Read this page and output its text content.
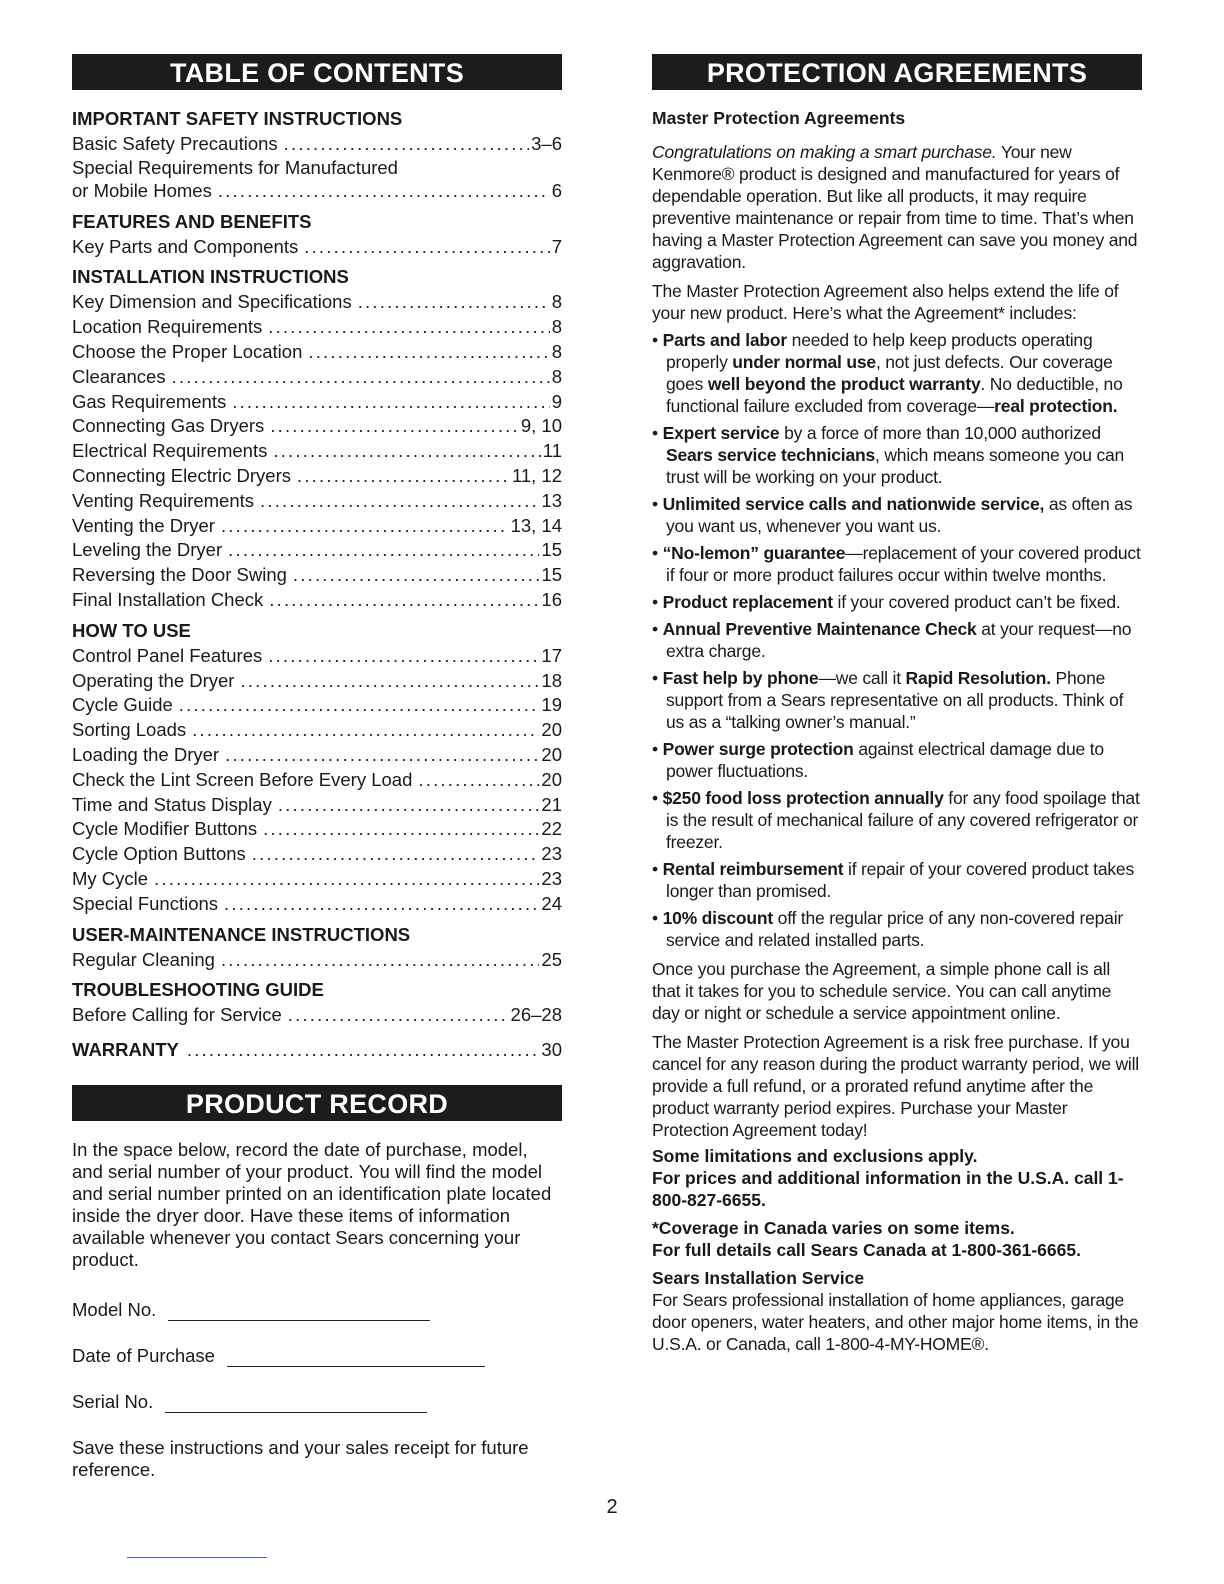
TABLE OF CONTENTS
IMPORTANT SAFETY INSTRUCTIONS
Basic Safety Precautions .....	3–6
Special Requirements for Manufactured
or Mobile Homes .....	6
FEATURES AND BENEFITS
Key Parts and Components .....	7
INSTALLATION INSTRUCTIONS
Key Dimension and Specifications .....	8
Location Requirements .....	8
Choose the Proper Location .....	8
Clearances .....	8
Gas Requirements .....	9
Connecting Gas Dryers .....	9, 10
Electrical Requirements .....	11
Connecting Electric Dryers .....	11, 12
Venting Requirements .....	13
Venting the Dryer .....	13, 14
Leveling the Dryer .....	15
Reversing the Door Swing .....	15
Final Installation Check .....	16
HOW TO USE
Control Panel Features .....	17
Operating the Dryer .....	18
Cycle Guide .....	19
Sorting Loads .....	20
Loading the Dryer .....	20
Check the Lint Screen Before Every Load .....	20
Time and Status Display .....	21
Cycle Modifier Buttons .....	22
Cycle Option Buttons .....	23
My Cycle .....	23
Special Functions .....	24
USER-MAINTENANCE INSTRUCTIONS
Regular Cleaning .....	25
TROUBLESHOOTING GUIDE
Before Calling for Service .....	26–28
WARRANTY .....	30
PRODUCT RECORD
In the space below, record the date of purchase, model, and serial number of your product. You will find the model and serial number printed on an identification plate located inside the dryer door. Have these items of information available whenever you contact Sears concerning your product.
Model No.
Date of Purchase
Serial No.
Save these instructions and your sales receipt for future reference.
PROTECTION AGREEMENTS
Master Protection Agreements
Congratulations on making a smart purchase. Your new Kenmore® product is designed and manufactured for years of dependable operation. But like all products, it may require preventive maintenance or repair from time to time. That’s when having a Master Protection Agreement can save you money and aggravation.
The Master Protection Agreement also helps extend the life of your new product. Here’s what the Agreement* includes:
• Parts and labor needed to help keep products operating properly under normal use, not just defects. Our coverage goes well beyond the product warranty. No deductible, no functional failure excluded from coverage—real protection.
• Expert service by a force of more than 10,000 authorized Sears service technicians, which means someone you can trust will be working on your product.
• Unlimited service calls and nationwide service, as often as you want us, whenever you want us.
• “No-lemon” guarantee—replacement of your covered product if four or more product failures occur within twelve months.
• Product replacement if your covered product can’t be fixed.
• Annual Preventive Maintenance Check at your request—no extra charge.
• Fast help by phone—we call it Rapid Resolution. Phone support from a Sears representative on all products. Think of us as a “talking owner’s manual.”
• Power surge protection against electrical damage due to power fluctuations.
• $250 food loss protection annually for any food spoilage that is the result of mechanical failure of any covered refrigerator or freezer.
• Rental reimbursement if repair of your covered product takes longer than promised.
• 10% discount off the regular price of any non-covered repair service and related installed parts.
Once you purchase the Agreement, a simple phone call is all that it takes for you to schedule service. You can call anytime day or night or schedule a service appointment online.
The Master Protection Agreement is a risk free purchase. If you cancel for any reason during the product warranty period, we will provide a full refund, or a prorated refund anytime after the product warranty period expires. Purchase your Master Protection Agreement today!
Some limitations and exclusions apply.
For prices and additional information in the U.S.A. call 1-800-827-6655.
*Coverage in Canada varies on some items.
For full details call Sears Canada at 1-800-361-6665.
Sears Installation Service
For Sears professional installation of home appliances, garage door openers, water heaters, and other major home items, in the U.S.A. or Canada, call 1-800-4-MY-HOME®.
2
